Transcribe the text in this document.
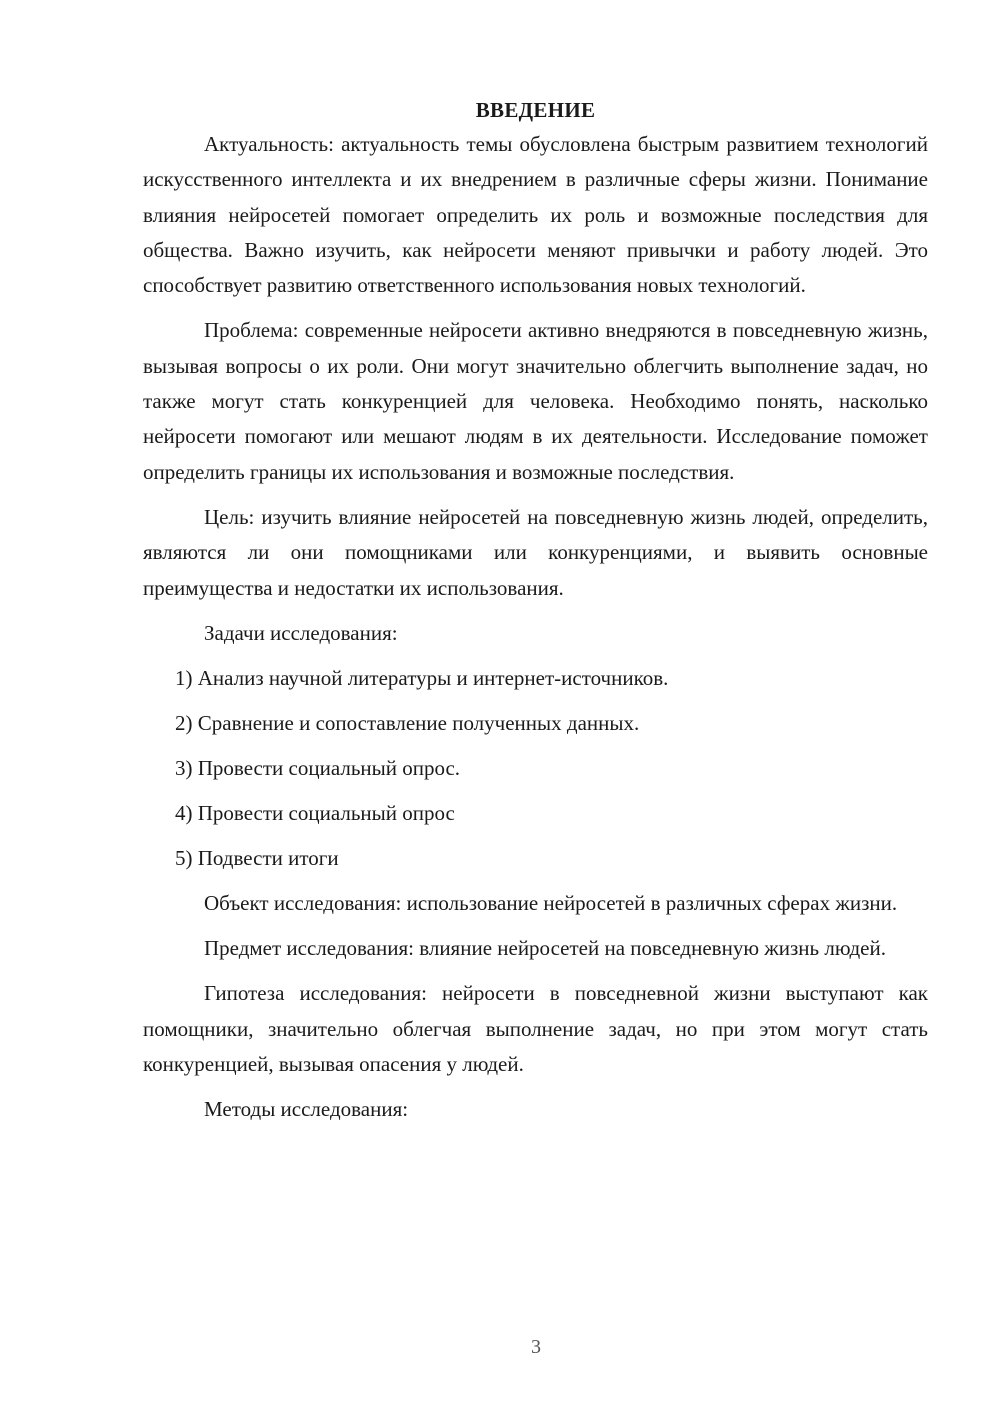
ВВЕДЕНИЕ

Актуальность: актуальность темы обусловлена быстрым развитием технологий искусственного интеллекта и их внедрением в различные сферы жизни. Понимание влияния нейросетей помогает определить их роль и возможные последствия для общества. Важно изучить, как нейросети меняют привычки и работу людей. Это способствует развитию ответственного использования новых технологий.

Проблема: современные нейросети активно внедряются в повседневную жизнь, вызывая вопросы о их роли. Они могут значительно облегчить выполнение задач, но также могут стать конкуренцией для человека. Необходимо понять, насколько нейросети помогают или мешают людям в их деятельности. Исследование поможет определить границы их использования и возможные последствия.

Цель: изучить влияние нейросетей на повседневную жизнь людей, определить, являются ли они помощниками или конкуренциями, и выявить основные преимущества и недостатки их использования.

Задачи исследования:

1) Анализ научной литературы и интернет-источников.

2) Сравнение и сопоставление полученных данных.

3) Провести социальный опрос.

4) Провести социальный опрос

5) Подвести итоги

Объект исследования: использование нейросетей в различных сферах жизни.

Предмет исследования: влияние нейросетей на повседневную жизнь людей.

Гипотеза исследования: нейросети в повседневной жизни выступают как помощники, значительно облегчая выполнение задач, но при этом могут стать конкуренцией, вызывая опасения у людей.

Методы исследования:

3
